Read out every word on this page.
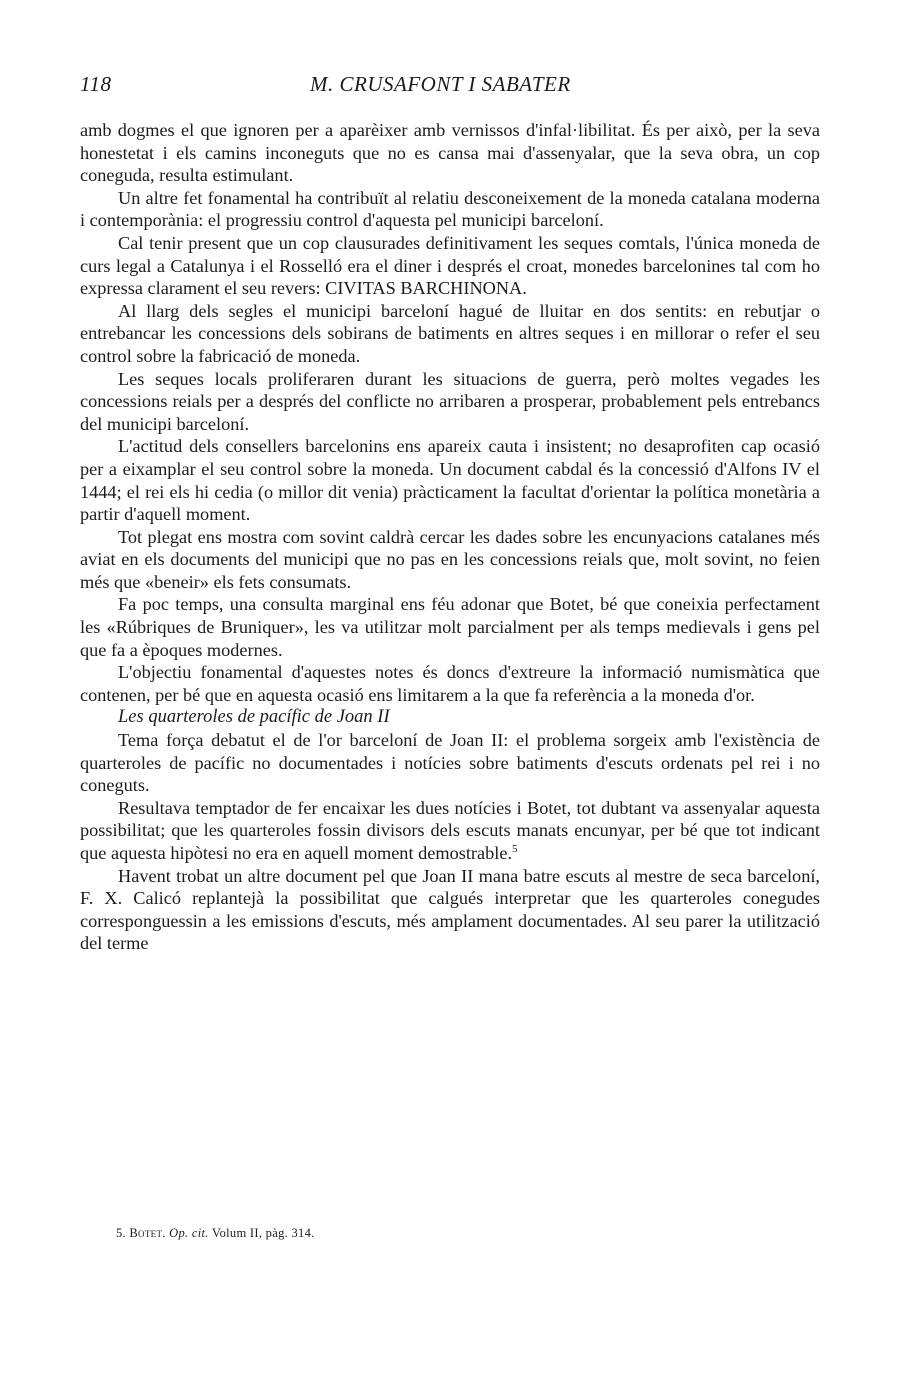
118	M. CRUSAFONT I SABATER

amb dogmes el que ignoren per a aparèixer amb vernissos d'infal·libilitat. És per això, per la seva honestetat i els camins inconeguts que no es cansa mai d'assenyalar, que la seva obra, un cop coneguda, resulta estimulant.

Un altre fet fonamental ha contribuït al relatiu desconeixement de la moneda catalana moderna i contemporània: el progressiu control d'aquesta pel municipi barceloní.

Cal tenir present que un cop clausurades definitivament les seques comtals, l'única moneda de curs legal a Catalunya i el Rosselló era el diner i després el croat, monedes barcelonines tal com ho expressa clarament el seu revers: CIVITAS BARCHINONA.

Al llarg dels segles el municipi barceloní hagué de lluitar en dos sentits: en rebutjar o entrebancar les concessions dels sobirans de batiments en altres seques i en millorar o refer el seu control sobre la fabricació de moneda.

Les seques locals proliferaren durant les situacions de guerra, però moltes vegades les concessions reials per a després del conflicte no arribaren a prosperar, probablement pels entrebancs del municipi barceloní.

L'actitud dels consellers barcelonins ens apareix cauta i insistent; no desaprofiten cap ocasió per a eixamplar el seu control sobre la moneda. Un document cabdal és la concessió d'Alfons IV el 1444; el rei els hi cedia (o millor dit venia) pràcticament la facultat d'orientar la política monetària a partir d'aquell moment.

Tot plegat ens mostra com sovint caldrà cercar les dades sobre les encunyacions catalanes més aviat en els documents del municipi que no pas en les concessions reials que, molt sovint, no feien més que «beneir» els fets consumats.

Fa poc temps, una consulta marginal ens féu adonar que Botet, bé que coneixia perfectament les «Rúbriques de Bruniquer», les va utilitzar molt parcialment per als temps medievals i gens pel que fa a èpoques modernes.

L'objectiu fonamental d'aquestes notes és doncs d'extreure la informació numismàtica que contenen, per bé que en aquesta ocasió ens limitarem a la que fa referència a la moneda d'or.

Les quarteroles de pacífic de Joan II

Tema força debatut el de l'or barceloní de Joan II: el problema sorgeix amb l'existència de quarteroles de pacífic no documentades i notícies sobre batiments d'escuts ordenats pel rei i no coneguts.

Resultava temptador de fer encaixar les dues notícies i Botet, tot dubtant va assenyalar aquesta possibilitat; que les quarteroles fossin divisors dels escuts manats encunyar, per bé que tot indicant que aquesta hipòtesi no era en aquell moment demostrable.$^5$

Havent trobat un altre document pel que Joan II mana batre escuts al mestre de seca barceloní, F. X. Calicó replantejà la possibilitat que calgués interpretar que les quarteroles conegudes corresponguessin a les emissions d'escuts, més amplament documentades. Al seu parer la utilització del terme

5. Botet. Op. cit. Volum II, pàg. 314.
